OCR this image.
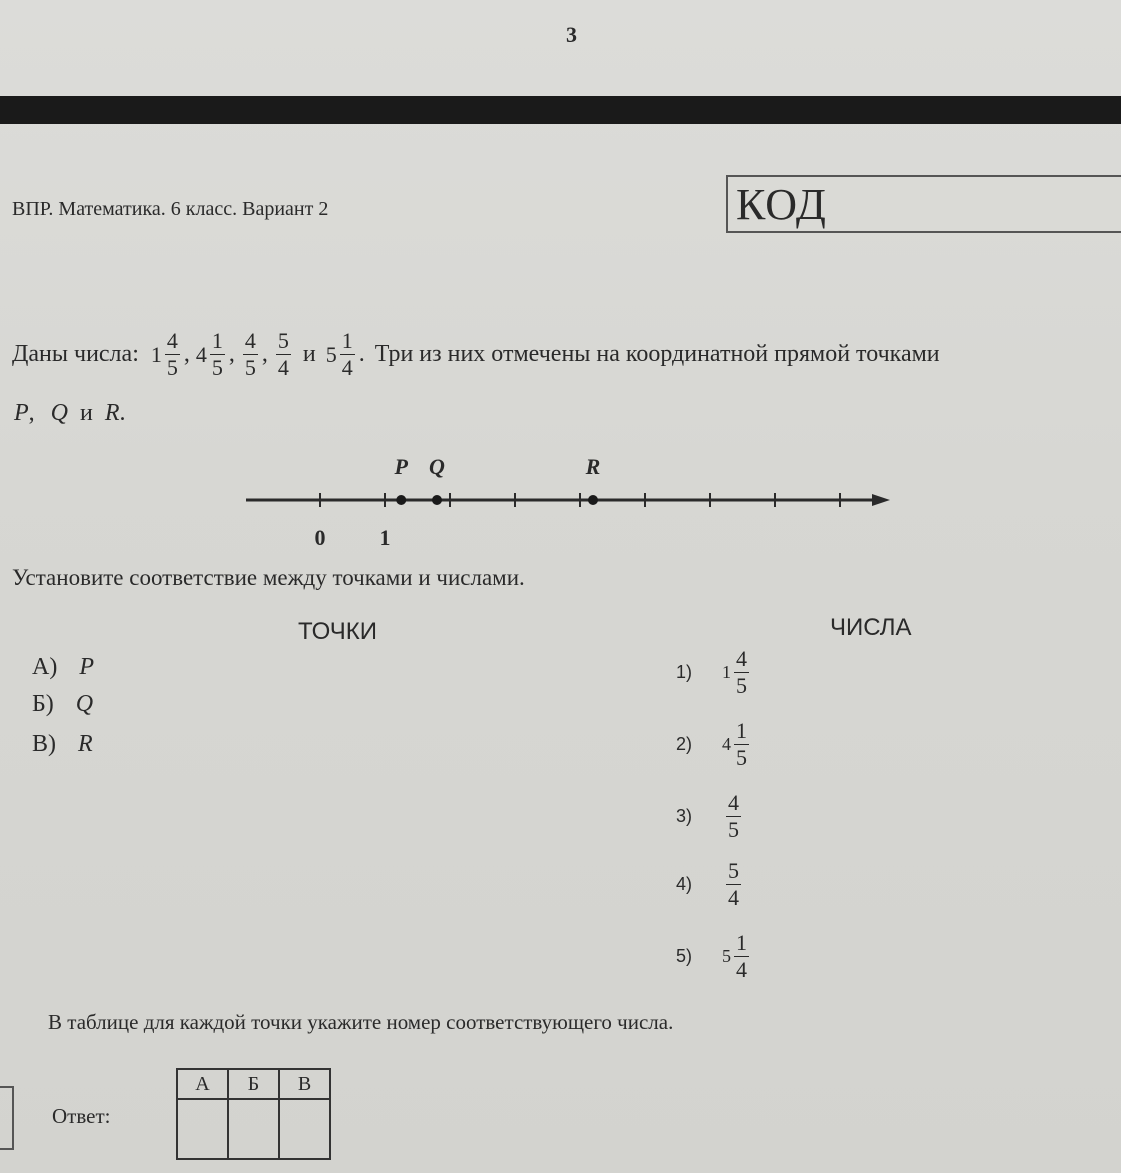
3
ВПР. Математика. 6 класс. Вариант 2	КОД
Даны числа: $1 \frac{4}{5}$ , $4 \frac{1}{5}$ , $\frac{4}{5}$ , $\frac{5}{4}$ и $5 \frac{1}{4}$ . Три из них отмечены на координатной прямой точками
P, Q и R.
0 1
P Q	R
Установите соответствие между точками и числами.
ТОЧКИ	ЧИСЛА
А) P
Б) Q
В) R
1)	$1 \frac{4}{5}$
2)	$4 \frac{1}{5}$
3)	$\frac{4}{5}$
4)	$\frac{5}{4}$
5)	$5 \frac{1}{4}$
В таблице для каждой точки укажите номер соответствующего числа.
Ответ:
А	Б	В
